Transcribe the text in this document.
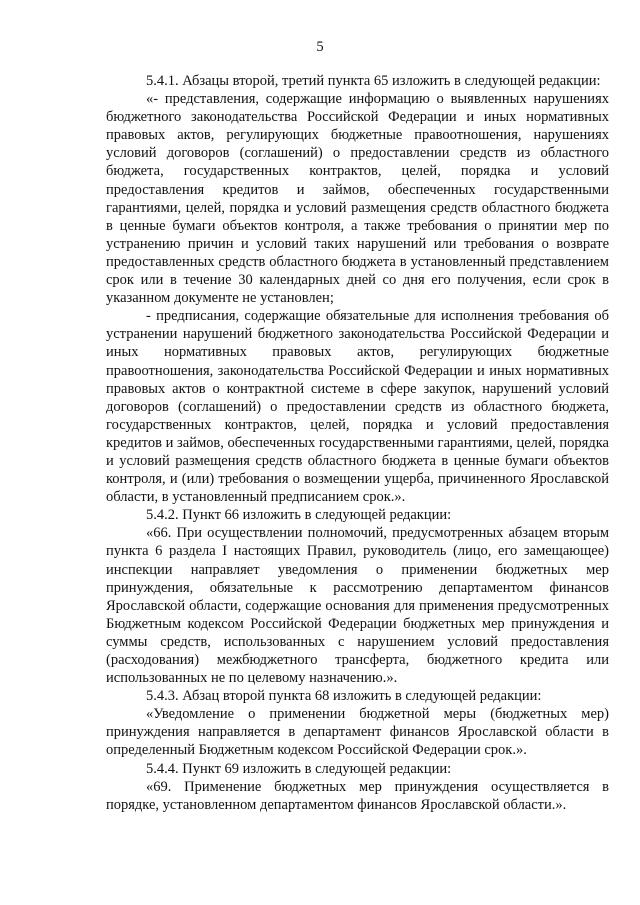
5

5.4.1. Абзацы второй, третий пункта 65 изложить в следующей редакции:

«- представления, содержащие информацию о выявленных нарушениях бюджетного законодательства Российской Федерации и иных нормативных правовых актов, регулирующих бюджетные правоотношения, нарушениях условий договоров (соглашений) о предоставлении средств из областного бюджета, государственных контрактов, целей, порядка и условий предоставления кредитов и займов, обеспеченных государственными гарантиями, целей, порядка и условий размещения средств областного бюджета в ценные бумаги объектов контроля, а также требования о принятии мер по устранению причин и условий таких нарушений или требования о возврате предоставленных средств областного бюджета в установленный представлением срок или в течение 30 календарных дней со дня его получения, если срок в указанном документе не установлен;

- предписания, содержащие обязательные для исполнения требования об устранении нарушений бюджетного законодательства Российской Федерации и иных нормативных правовых актов, регулирующих бюджетные правоотношения, законодательства Российской Федерации и иных нормативных правовых актов о контрактной системе в сфере закупок, нарушений условий договоров (соглашений) о предоставлении средств из областного бюджета, государственных контрактов, целей, порядка и условий предоставления кредитов и займов, обеспеченных государственными гарантиями, целей, порядка и условий размещения средств областного бюджета в ценные бумаги объектов контроля, и (или) требования о возмещении ущерба, причиненного Ярославской области, в установленный предписанием срок.».

5.4.2. Пункт 66 изложить в следующей редакции:

«66. При осуществлении полномочий, предусмотренных абзацем вторым пункта 6 раздела I настоящих Правил, руководитель (лицо, его замещающее) инспекции направляет уведомления о применении бюджетных мер принуждения, обязательные к рассмотрению департаментом финансов Ярославской области, содержащие основания для применения предусмотренных Бюджетным кодексом Российской Федерации бюджетных мер принуждения и суммы средств, использованных с нарушением условий предоставления (расходования) межбюджетного трансферта, бюджетного кредита или использованных не по целевому назначению.».

5.4.3. Абзац второй пункта 68 изложить в следующей редакции:

«Уведомление о применении бюджетной меры (бюджетных мер) принуждения направляется в департамент финансов Ярославской области в определенный Бюджетным кодексом Российской Федерации срок.».

5.4.4. Пункт 69 изложить в следующей редакции:

«69. Применение бюджетных мер принуждения осуществляется в порядке, установленном департаментом финансов Ярославской области.».
